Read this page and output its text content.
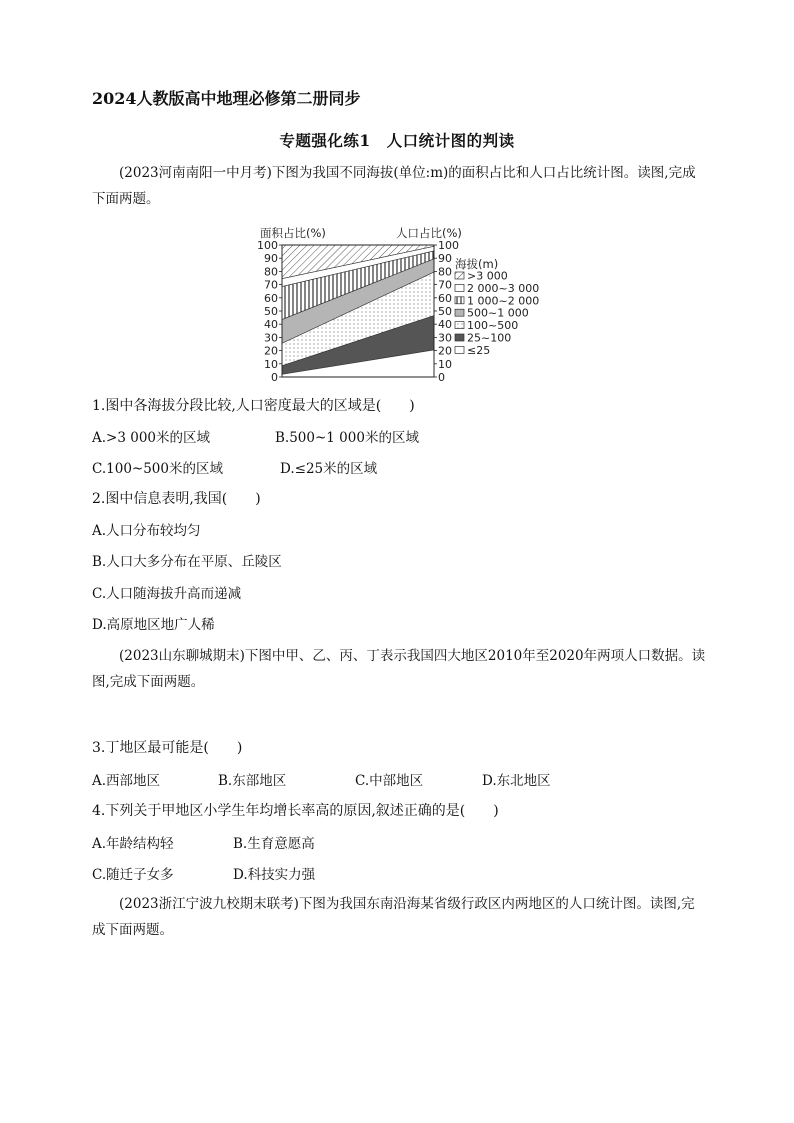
2024人教版高中地理必修第二册同步
专题强化练1　人口统计图的判读
(2023河南南阳一中月考)下图为我国不同海拔(单位:m)的面积占比和人口占比统计图。读图,完成下面两题。
0	0
10	10
20	20
30	30
40	40
50	50
60	60
70	70
80	80
90	90
100	100
面积占比(%)	人口占比(%)
海拔(m)
>3 000
2 000~3 000
1 000~2 000
500~1 000
100~500
25~100
≤25
1.图中各海拔分段比较,人口密度最大的区域是(　　)
A.>3 000米的区域	B.500~1 000米的区域
C.100~500米的区域	D.≤25米的区域
2.图中信息表明,我国(　　)
A.人口分布较均匀
B.人口大多分布在平原、丘陵区
C.人口随海拔升高而递减
D.高原地区地广人稀
(2023山东聊城期末)下图中甲、乙、丙、丁表示我国四大地区2010年至2020年两项人口数据。读图,完成下面两题。
3.丁地区最可能是(　　)
A.西部地区	B.东部地区	C.中部地区	D.东北地区
4.下列关于甲地区小学生年均增长率高的原因,叙述正确的是(　　)
A.年龄结构轻	B.生育意愿高
C.随迁子女多	D.科技实力强
(2023浙江宁波九校期末联考)下图为我国东南沿海某省级行政区内两地区的人口统计图。读图,完成下面两题。
